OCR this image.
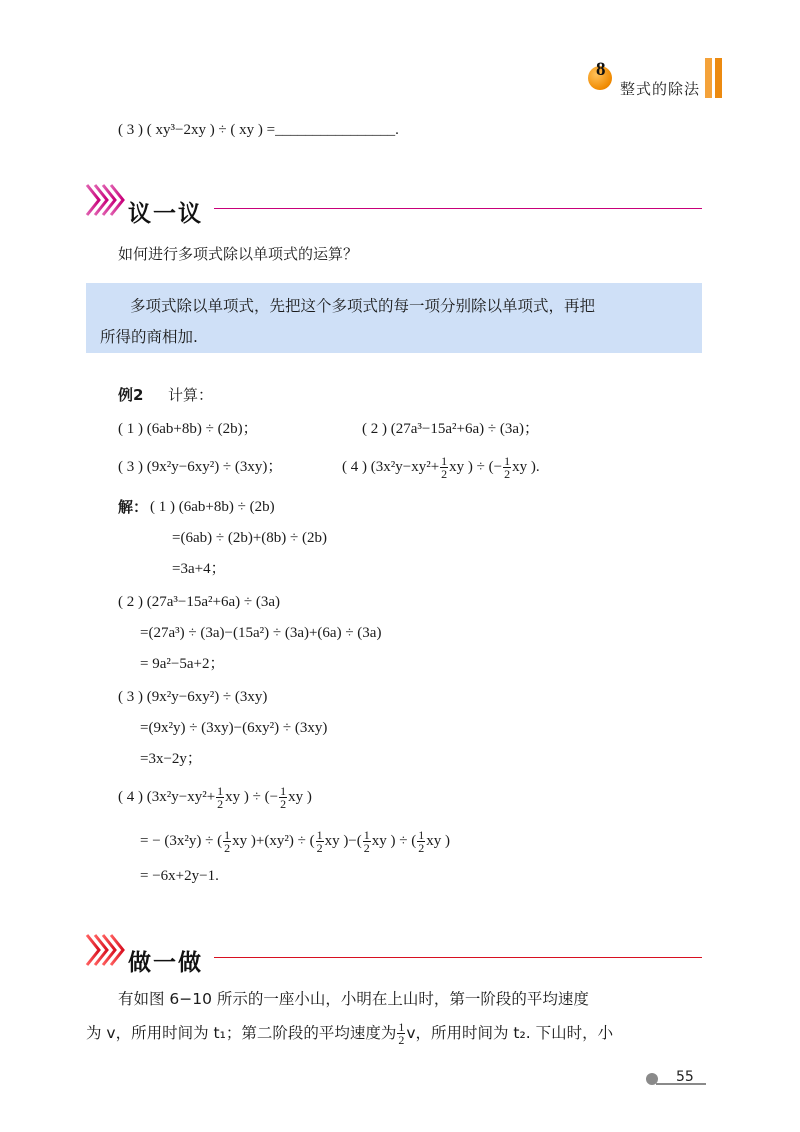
8
整式的除法
( 3 ) ( xy³−2xy ) ÷ ( xy ) =________________.
议一议
如何进行多项式除以单项式的运算？
多项式除以单项式，先把这个多项式的每一项分别除以单项式，再把
所得的商相加.
例2 计算：
( 1 ) (6ab+8b) ÷ (2b)；	( 2 ) (27a³−15a²+6a) ÷ (3a)；
( 3 ) (9x²y−6xy²) ÷ (3xy)；	( 4 ) ($3x^2y-xy^2+ \frac{1}{2}$ xy ) ÷ (− $\frac{1}{2}$ xy ).
解： ( 1 ) (6ab+8b) ÷ (2b)
=(6ab) ÷ (2b)+(8b) ÷ (2b)
=3a+4；
( 2 ) (27a³−15a²+6a) ÷ (3a)
=(27a³) ÷ (3a)−(15a²) ÷ (3a)+(6a) ÷ (3a)
= 9a²−5a+2；
( 3 ) (9x²y−6xy²) ÷ (3xy)
=(9x²y) ÷ (3xy)−(6xy²) ÷ (3xy)
=3x−2y；
( 4 ) ($3x^2y-xy^2+ \frac{1}{2}$ xy ) ÷ (− $\frac{1}{2}$ xy )
= − (3x²y) ÷ ( $\frac{1}{2}$ xy )+(xy²) ÷ ( $\frac{1}{2}$ xy )−( $\frac{1}{2}$ xy ) ÷ ( $\frac{1}{2}$ xy )
= −6x+2y−1.
做一做
有如图 6−10 所示的一座小山，小明在上山时，第一阶段的平均速度
为 v，所用时间为 t₁；第二阶段的平均速度为 $\frac{1}{2}$ v，所用时间为 t₂. 下山时，小
55
